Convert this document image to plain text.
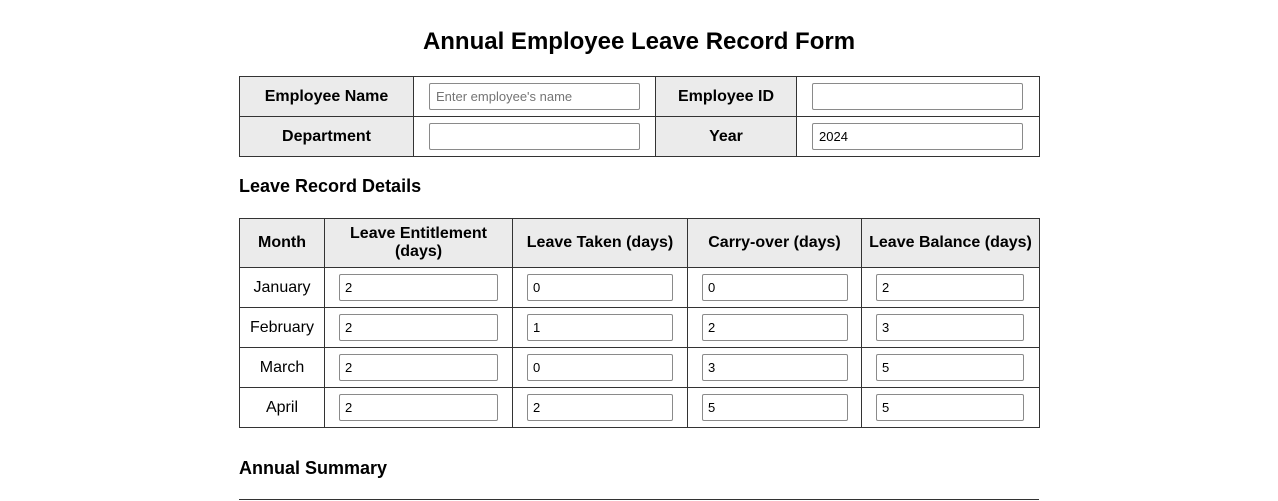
Annual Employee Leave Record Form
Employee Name	Enter employee's name	Employee ID	
Department		Year	2024
Leave Record Details
Month	Leave Entitlement (days)	Leave Taken (days)	Carry-over (days)	Leave Balance (days)
January	2	0	0	2
February	2	1	2	3
March	2	0	3	5
April	2	2	5	5
Annual Summary
